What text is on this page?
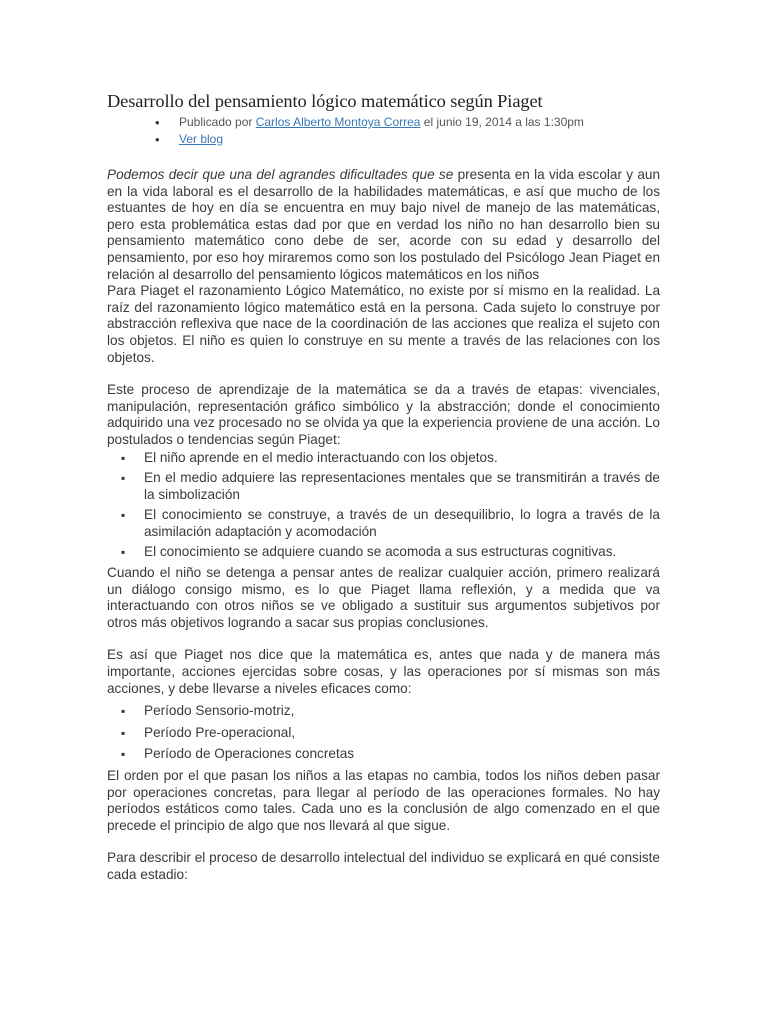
Desarrollo del pensamiento lógico matemático según Piaget
• Publicado por Carlos Alberto Montoya Correa el junio 19, 2014 a las 1:30pm
• Ver blog

Podemos decir que una del agrandes dificultades que se presenta en la vida escolar y aun en la vida laboral es el desarrollo de la habilidades matemáticas, e así que mucho de los estuantes de hoy en día se encuentra en muy bajo nivel de manejo de las matemáticas, pero esta problemática estas dad por que en verdad los niño no han desarrollo bien su pensamiento matemático cono debe de ser, acorde con su edad y desarrollo del pensamiento, por eso hoy miraremos como son los postulado del Psicólogo Jean Piaget en relación al desarrollo del pensamiento lógicos matemáticos en los niños

Para Piaget el razonamiento Lógico Matemático, no existe por sí mismo en la realidad. La raíz del razonamiento lógico matemático está en la persona. Cada sujeto lo construye por abstracción reflexiva que nace de la coordinación de las acciones que realiza el sujeto con los objetos. El niño es quien lo construye en su mente a través de las relaciones con los objetos.

Este proceso de aprendizaje de la matemática se da a través de etapas: vivenciales, manipulación, representación gráfico simbólico y la abstracción; donde el conocimiento adquirido una vez procesado no se olvida ya que la experiencia proviene de una acción. Lo postulados o tendencias según Piaget:

▪ El niño aprende en el medio interactuando con los objetos.
▪ En el medio adquiere las representaciones mentales que se transmitirán a través de la simbolización
▪ El conocimiento se construye, a través de un desequilibrio, lo logra a través de la asimilación adaptación y acomodación
▪ El conocimiento se adquiere cuando se acomoda a sus estructuras cognitivas.

Cuando el niño se detenga a pensar antes de realizar cualquier acción, primero realizará un diálogo consigo mismo, es lo que Piaget llama reflexión, y a medida que va interactuando con otros niños se ve obligado a sustituir sus argumentos subjetivos por otros más objetivos logrando a sacar sus propias conclusiones.

Es así que Piaget nos dice que la matemática es, antes que nada y de manera más importante, acciones ejercidas sobre cosas, y las operaciones por sí mismas son más acciones, y debe llevarse a niveles eficaces como:

▪ Período Sensorio-motriz,
▪ Período Pre-operacional,
▪ Período de Operaciones concretas

El orden por el que pasan los niños a las etapas no cambia, todos los niños deben pasar por operaciones concretas, para llegar al período de las operaciones formales. No hay períodos estáticos como tales. Cada uno es la conclusión de algo comenzado en el que precede el principio de algo que nos llevará al que sigue.

Para describir el proceso de desarrollo intelectual del individuo se explicará en qué consiste cada estadio:
